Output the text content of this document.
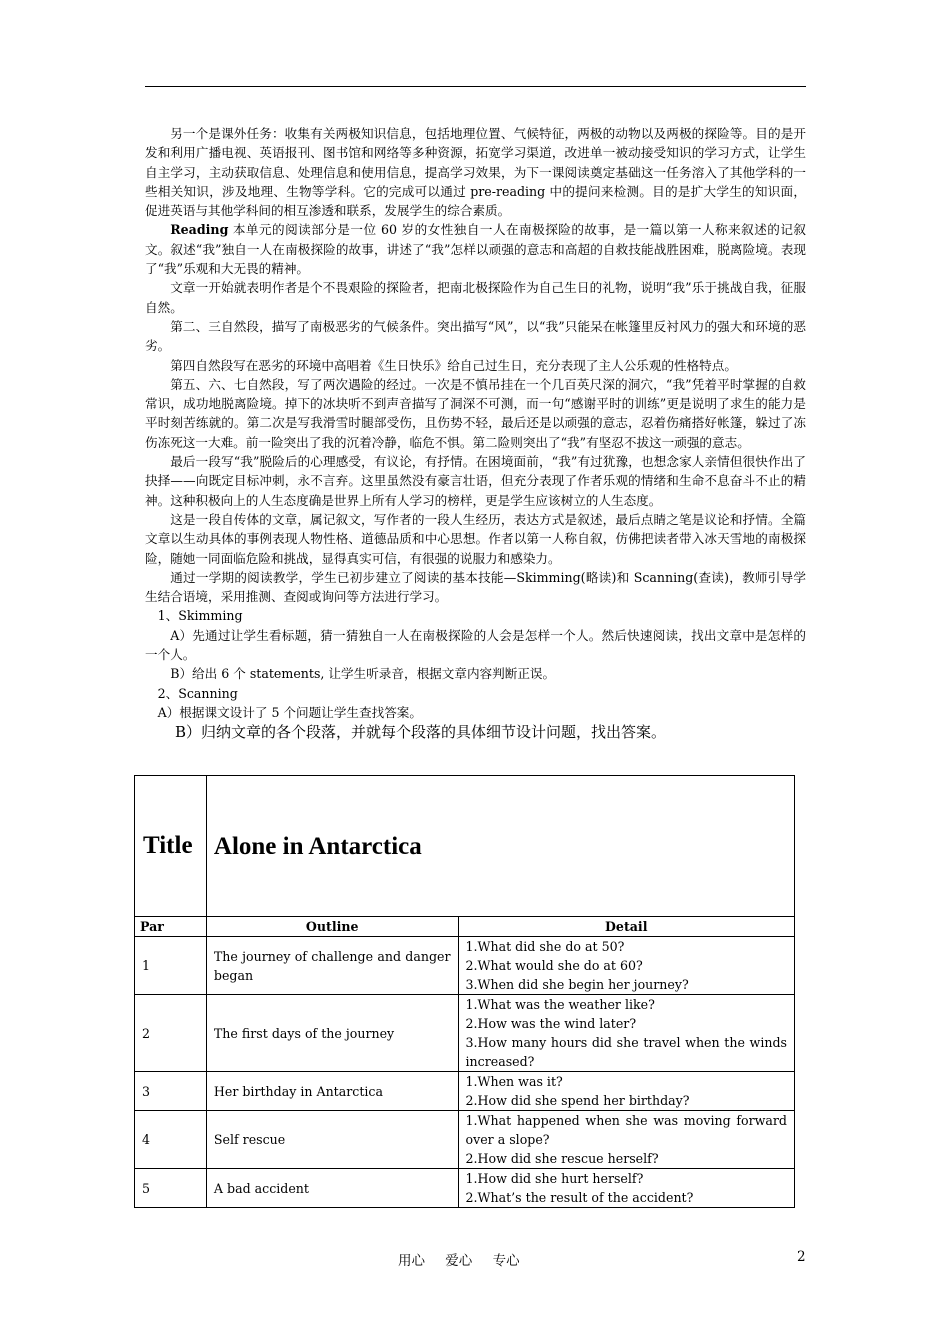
另一个是课外任务：收集有关两极知识信息，包括地理位置、气候特征，两极的动物以及两极的探险等。目的是开发和利用广播电视、英语报刊、图书馆和网络等多种资源，拓宽学习渠道，改进单一被动接受知识的学习方式，让学生自主学习，主动获取信息、处理信息和使用信息，提高学习效果，为下一课阅读奠定基础这一任务溶入了其他学科的一些相关知识，涉及地理、生物等学科。它的完成可以通过 pre-reading 中的提问来检测。目的是扩大学生的知识面，促进英语与其他学科间的相互渗透和联系，发展学生的综合素质。

Reading 本单元的阅读部分是一位 60 岁的女性独自一人在南极探险的故事，是一篇以第一人称来叙述的记叙文。叙述“我”独自一人在南极探险的故事，讲述了“我”怎样以顽强的意志和高超的自救技能战胜困难，脱离险境。表现了“我”乐观和大无畏的精神。

文章一开始就表明作者是个不畏艰险的探险者，把南北极探险作为自己生日的礼物，说明“我”乐于挑战自我，征服自然。

第二、三自然段，描写了南极恶劣的气候条件。突出描写“风”，以“我”只能呆在帐篷里反衬风力的强大和环境的恶劣。

第四自然段写在恶劣的环境中高唱着《生日快乐》给自己过生日，充分表现了主人公乐观的性格特点。

第五、六、七自然段，写了两次遇险的经过。一次是不慎吊挂在一个几百英尺深的洞穴，“我”凭着平时掌握的自救常识，成功地脱离险境。掉下的冰块听不到声音描写了洞深不可测，而一句“感谢平时的训练”更是说明了求生的能力是平时刻苦练就的。第二次是写我滑雪时腿部受伤，且伤势不轻，最后还是以顽强的意志，忍着伤痛搭好帐篷，躲过了冻伤冻死这一大难。前一险突出了我的沉着冷静，临危不惧。第二险则突出了“我”有坚忍不拔这一顽强的意志。

最后一段写“我”脱险后的心理感受，有议论，有抒情。在困境面前，“我”有过犹豫，也想念家人亲情但很快作出了抉择——向既定目标冲刺，永不言弃。这里虽然没有豪言壮语，但充分表现了作者乐观的情绪和生命不息奋斗不止的精神。这种积极向上的人生态度确是世界上所有人学习的榜样，更是学生应该树立的人生态度。

这是一段自传体的文章，属记叙文，写作者的一段人生经历，表达方式是叙述，最后点睛之笔是议论和抒情。全篇文章以生动具体的事例表现人物性格、道德品质和中心思想。作者以第一人称自叙，仿佛把读者带入冰天雪地的南极探险，随她一同面临危险和挑战，显得真实可信，有很强的说服力和感染力。

通过一学期的阅读教学，学生已初步建立了阅读的基本技能—Skimming(略读)和 Scanning(查读)，教师引导学生结合语境，采用推测、查阅或询问等方法进行学习。

1、Skimming

A）先通过让学生看标题，猜一猜独自一人在南极探险的人会是怎样一个人。然后快速阅读，找出文章中是怎样的一个人。

B）给出 6 个 statements, 让学生听录音，根据文章内容判断正误。

2、Scanning

A）根据课文设计了 5 个问题让学生查找答案。

B）归纳文章的各个段落，并就每个段落的具体细节设计问题，找出答案。

Title	Alone in Antarctica	
Par	Outline	Detail
1	The journey of challenge and danger began	1.What did she do at 50?
2.What would she do at 60?
3.When did she begin her journey?

2	The first days of the journey	1.What was the weather like?
2.How was the wind later?
3.How many hours did she travel when the winds increased?

3	Her birthday in Antarctica	1.When was it?
2.How did she spend her birthday?

4	Self rescue	1.What happened when she was moving forward over a slope?
2.How did she rescue herself?

5	A bad accident	1.How did she hurt herself?
2.What’s the result of the accident?
用心 爱心 专心	2
